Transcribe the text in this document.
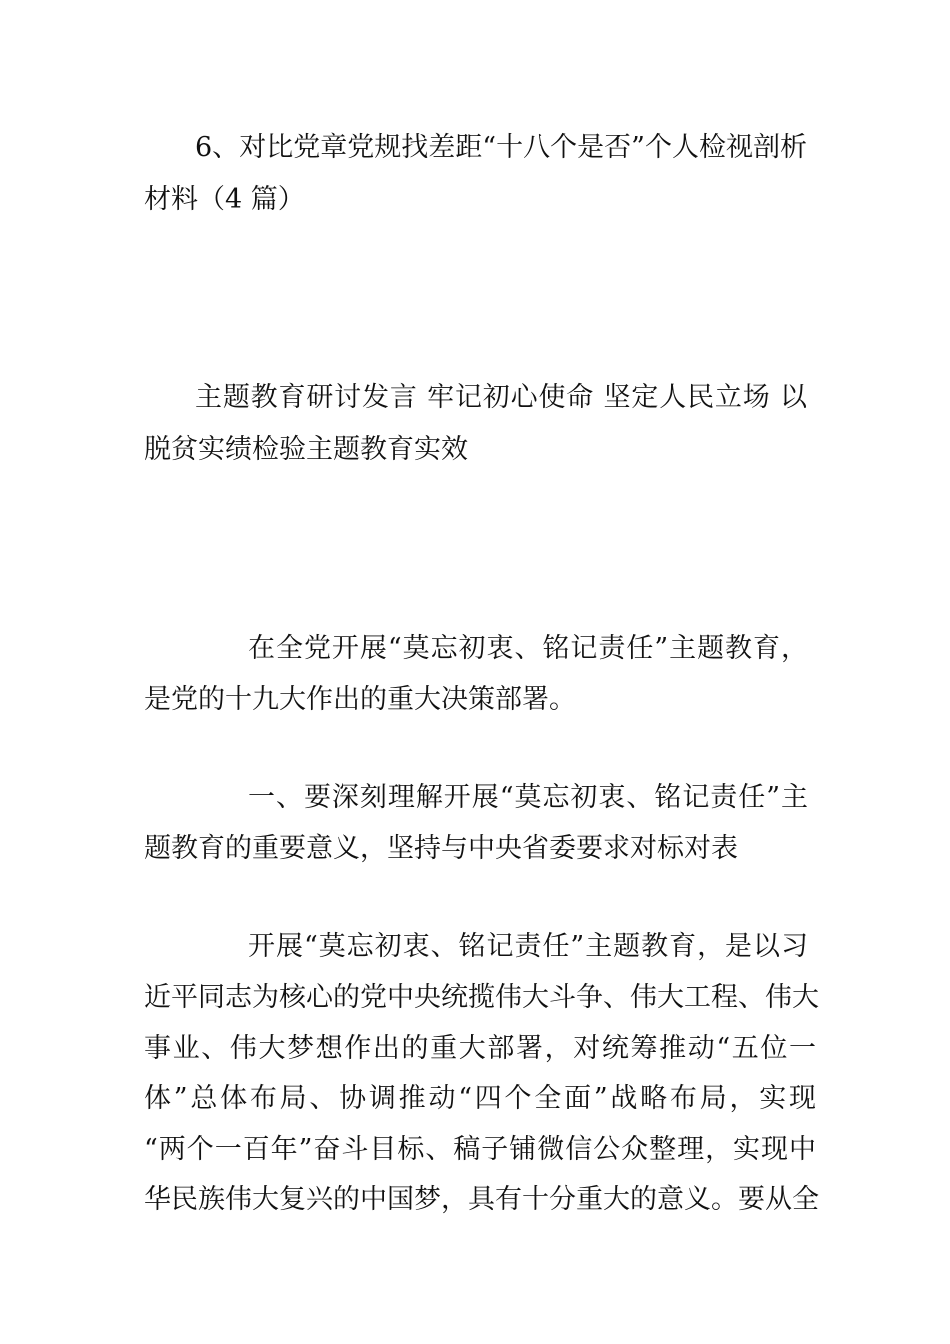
6、对比党章党规找差距“十八个是否”个人检视剖析
材料（4 篇）
主题教育研讨发言 牢记初心使命 坚定人民立场 以
脱贫实绩检验主题教育实效
在全党开展“莫忘初衷、铭记责任”主题教育，
是党的十九大作出的重大决策部署。
一、要深刻理解开展“莫忘初衷、铭记责任”主
题教育的重要意义，坚持与中央省委要求对标对表
开展“莫忘初衷、铭记责任”主题教育，是以习
近平同志为核心的党中央统揽伟大斗争、伟大工程、伟大
事业、伟大梦想作出的重大部署，对统筹推动“五位一
体”总体布局、协调推动“四个全面”战略布局，实现
“两个一百年”奋斗目标、稿子铺微信公众整理，实现中
华民族伟大复兴的中国梦，具有十分重大的意义。要从全
